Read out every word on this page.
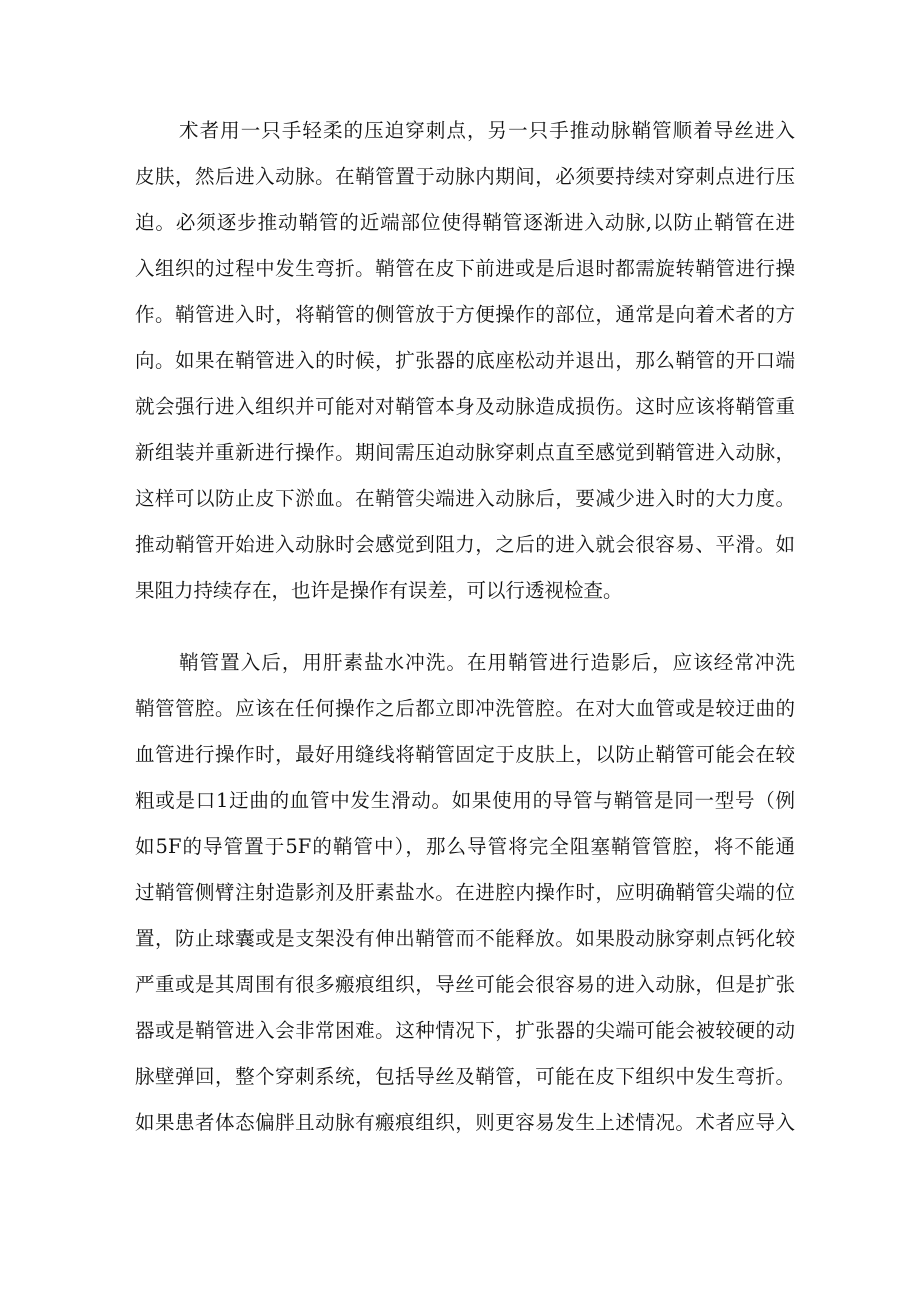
术者用一只手轻柔的压迫穿刺点，另一只手推动脉鞘管顺着导丝进入
皮肤，然后进入动脉。在鞘管置于动脉内期间，必须要持续对穿刺点进行压
迫。必须逐步推动鞘管的近端部位使得鞘管逐渐进入动脉,以防止鞘管在进
入组织的过程中发生弯折。鞘管在皮下前进或是后退时都需旋转鞘管进行操
作。鞘管进入时，将鞘管的侧管放于方便操作的部位，通常是向着术者的方
向。如果在鞘管进入的时候，扩张器的底座松动并退出，那么鞘管的开口端
就会强行进入组织并可能对对鞘管本身及动脉造成损伤。这时应该将鞘管重
新组装并重新进行操作。期间需压迫动脉穿刺点直至感觉到鞘管进入动脉，
这样可以防止皮下淤血。在鞘管尖端进入动脉后，要减少进入时的大力度。
推动鞘管开始进入动脉时会感觉到阻力，之后的进入就会很容易、平滑。如
果阻力持续存在，也许是操作有误差，可以行透视检查。
鞘管置入后，用肝素盐水冲洗。在用鞘管进行造影后，应该经常冲洗
鞘管管腔。应该在任何操作之后都立即冲洗管腔。在对大血管或是较迂曲的
血管进行操作时，最好用缝线将鞘管固定于皮肤上，以防止鞘管可能会在较
粗或是口1迂曲的血管中发生滑动。如果使用的导管与鞘管是同一型号（例
如5F的导管置于5F的鞘管中），那么导管将完全阻塞鞘管管腔，将不能通
过鞘管侧臂注射造影剂及肝素盐水。在进腔内操作时，应明确鞘管尖端的位
置，防止球囊或是支架没有伸出鞘管而不能释放。如果股动脉穿刺点钙化较
严重或是其周围有很多瘢痕组织，导丝可能会很容易的进入动脉，但是扩张
器或是鞘管进入会非常困难。这种情况下，扩张器的尖端可能会被较硬的动
脉壁弹回，整个穿刺系统，包括导丝及鞘管，可能在皮下组织中发生弯折。
如果患者体态偏胖且动脉有瘢痕组织，则更容易发生上述情况。术者应导入
